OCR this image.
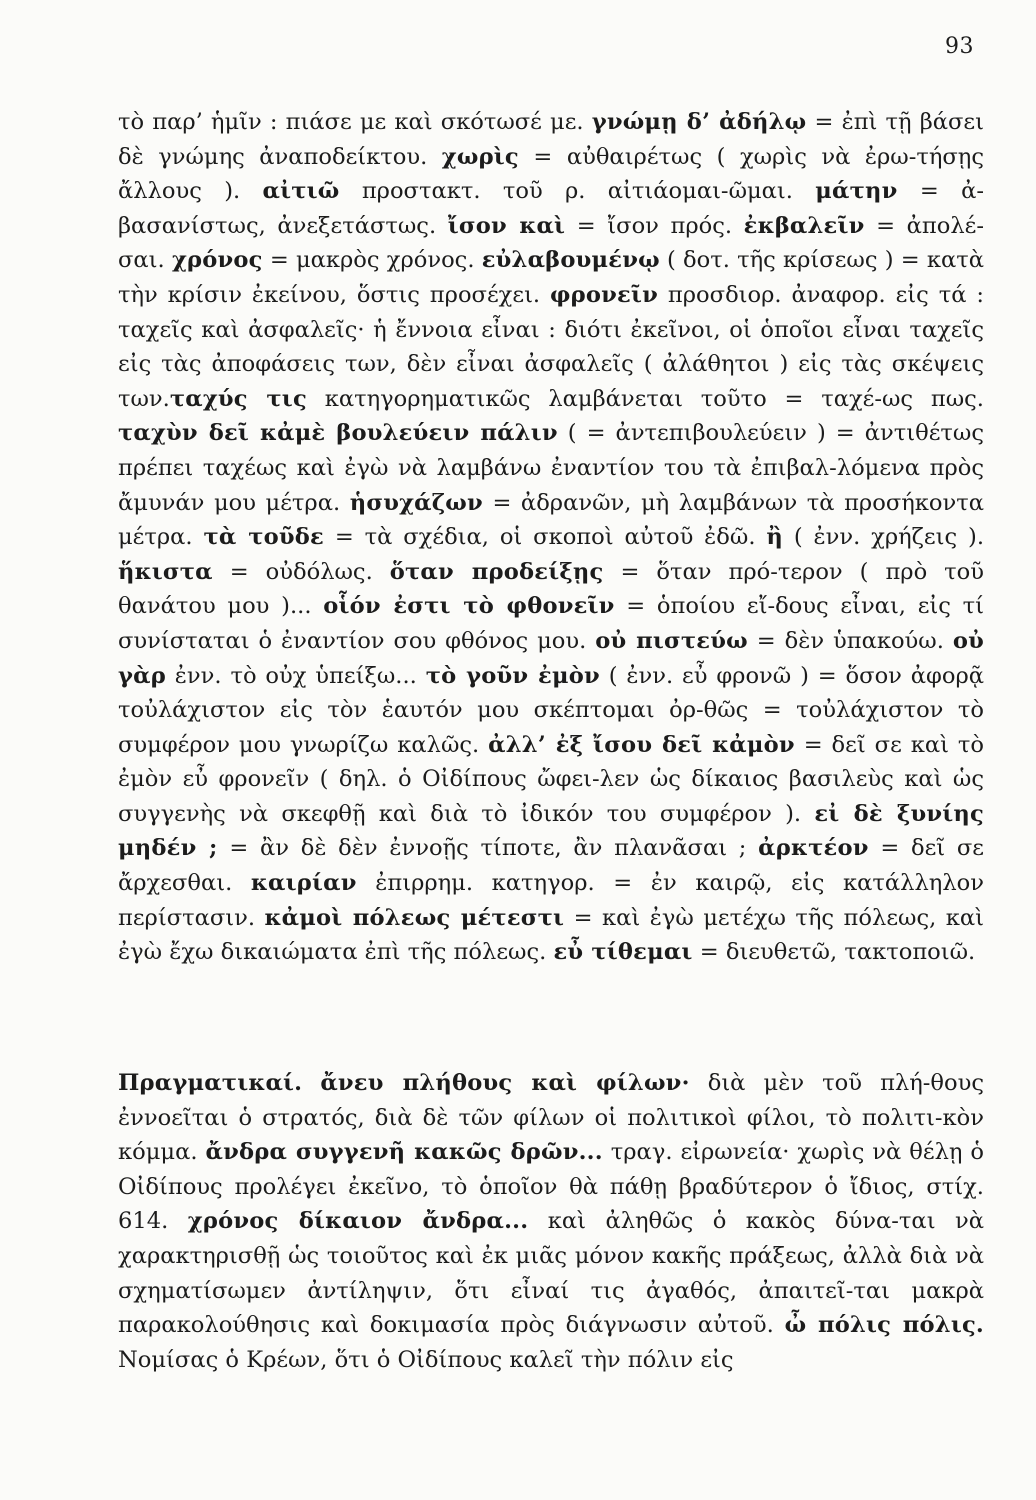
93

τὸ παρ’ ἡμῖν : πιάσε με καὶ σκότωσέ με. γνώμῃ δ’ ἀδήλῳ = ἐπὶ τῇ βάσει δὲ γνώμης ἀναποδείκτου. χωρὶς = αὐθαιρέτως ( χωρὶς νὰ ἐρω-τήσῃς ἄλλους ). αἰτιῶ προστακτ. τοῦ ρ. αἰτιάομαι-ῶμαι. μάτην = ἀ-βασανίστως, ἀνεξετάστως. ἴσον καὶ = ἴσον πρός. ἐκβαλεῖν = ἀπολέ-σαι. χρόνος = μακρὸς χρόνος. εὐλαβουμένῳ ( δοτ. τῆς κρίσεως ) = κατὰ τὴν κρίσιν ἐκείνου, ὅστις προσέχει. φρονεῖν προσδιορ. ἀναφορ. εἰς τά : ταχεῖς καὶ ἀσφαλεῖς· ἡ ἔννοια εἶναι : διότι ἐκεῖνοι, οἱ ὁποῖοι εἶναι ταχεῖς εἰς τὰς ἀποφάσεις των, δὲν εἶναι ἀσφαλεῖς ( ἀλάθητοι ) εἰς τὰς σκέψεις των.ταχύς τις κατηγορηματικῶς λαμβάνεται τοῦτο = ταχέ-ως πως. ταχὺν δεῖ κἀμὲ βουλεύειν πάλιν ( = ἀντεπιβουλεύειν ) = ἀντιθέτως πρέπει ταχέως καὶ ἐγὼ νὰ λαμβάνω ἐναντίον του τὰ ἐπιβαλ-λόμενα πρὸς ἄμυνάν μου μέτρα. ἡσυχάζων = ἀδρανῶν, μὴ λαμβάνων τὰ προσήκοντα μέτρα. τὰ τοῦδε = τὰ σχέδια, οἱ σκοποὶ αὐτοῦ ἐδῶ. ἢ ( ἐνν. χρήζεις ). ἥκιστα = οὐδόλως. ὅταν προδείξῃς = ὅταν πρό-τερον ( πρὸ τοῦ θανάτου μου )... οἷόν ἐστι τὸ φθονεῖν = ὁποίου εἴ-δους εἶναι, εἰς τί συνίσταται ὁ ἐναντίον σου φθόνος μου. οὐ πιστεύω = δὲν ὑπακούω. οὐ γὰρ ἐνν. τὸ οὐχ ὑπείξω... τὸ γοῦν ἐμὸν ( ἐνν. εὖ φρονῶ ) = ὅσον ἀφορᾷ τοὐλάχιστον εἰς τὸν ἑαυτόν μου σκέπτομαι ὀρ-θῶς = τοὐλάχιστον τὸ συμφέρον μου γνωρίζω καλῶς. ἀλλ’ ἐξ ἴσου δεῖ κἀμὸν = δεῖ σε καὶ τὸ ἐμὸν εὖ φρονεῖν ( δηλ. ὁ Οἰδίπους ὤφει-λεν ὡς δίκαιος βασιλεὺς καὶ ὡς συγγενὴς νὰ σκεφθῇ καὶ διὰ τὸ ἰδικόν του συμφέρον ). εἰ δὲ ξυνίης μηδέν ; = ἂν δὲ δὲν ἐννοῇς τίποτε, ἂν πλανᾶσαι ; ἀρκτέον = δεῖ σε ἄρχεσθαι. καιρίαν ἐπιρρημ. κατηγορ. = ἐν καιρῷ, εἰς κατάλληλον περίστασιν. κἀμοὶ πόλεως μέτεστι = καὶ ἐγὼ μετέχω τῆς πόλεως, καὶ ἐγὼ ἔχω δικαιώματα ἐπὶ τῆς πόλεως. εὖ τίθεμαι = διευθετῶ, τακτοποιῶ.

Πραγματικαί. ἄνευ πλήθους καὶ φίλων· διὰ μὲν τοῦ πλή-θους ἐννοεῖται ὁ στρατός, διὰ δὲ τῶν φίλων οἱ πολιτικοὶ φίλοι, τὸ πολιτι-κὸν κόμμα. ἄνδρα συγγενῆ κακῶς δρῶν... τραγ. εἰρωνεία· χωρὶς νὰ θέλῃ ὁ Οἰδίπους προλέγει ἐκεῖνο, τὸ ὁποῖον θὰ πάθῃ βραδύτερον ὁ ἴδιος, στίχ. 614. χρόνος δίκαιον ἄνδρα... καὶ ἀληθῶς ὁ κακὸς δύνα-ται νὰ χαρακτηρισθῇ ὡς τοιοῦτος καὶ ἐκ μιᾶς μόνον κακῆς πράξεως, ἀλλὰ διὰ νὰ σχηματίσωμεν ἀντίληψιν, ὅτι εἶναί τις ἀγαθός, ἀπαιτεῖ-ται μακρὰ παρακολούθησις καὶ δοκιμασία πρὸς διάγνωσιν αὐτοῦ. ὦ πόλις πόλις. Νομίσας ὁ Κρέων, ὅτι ὁ Οἰδίπους καλεῖ τὴν πόλιν εἰς
